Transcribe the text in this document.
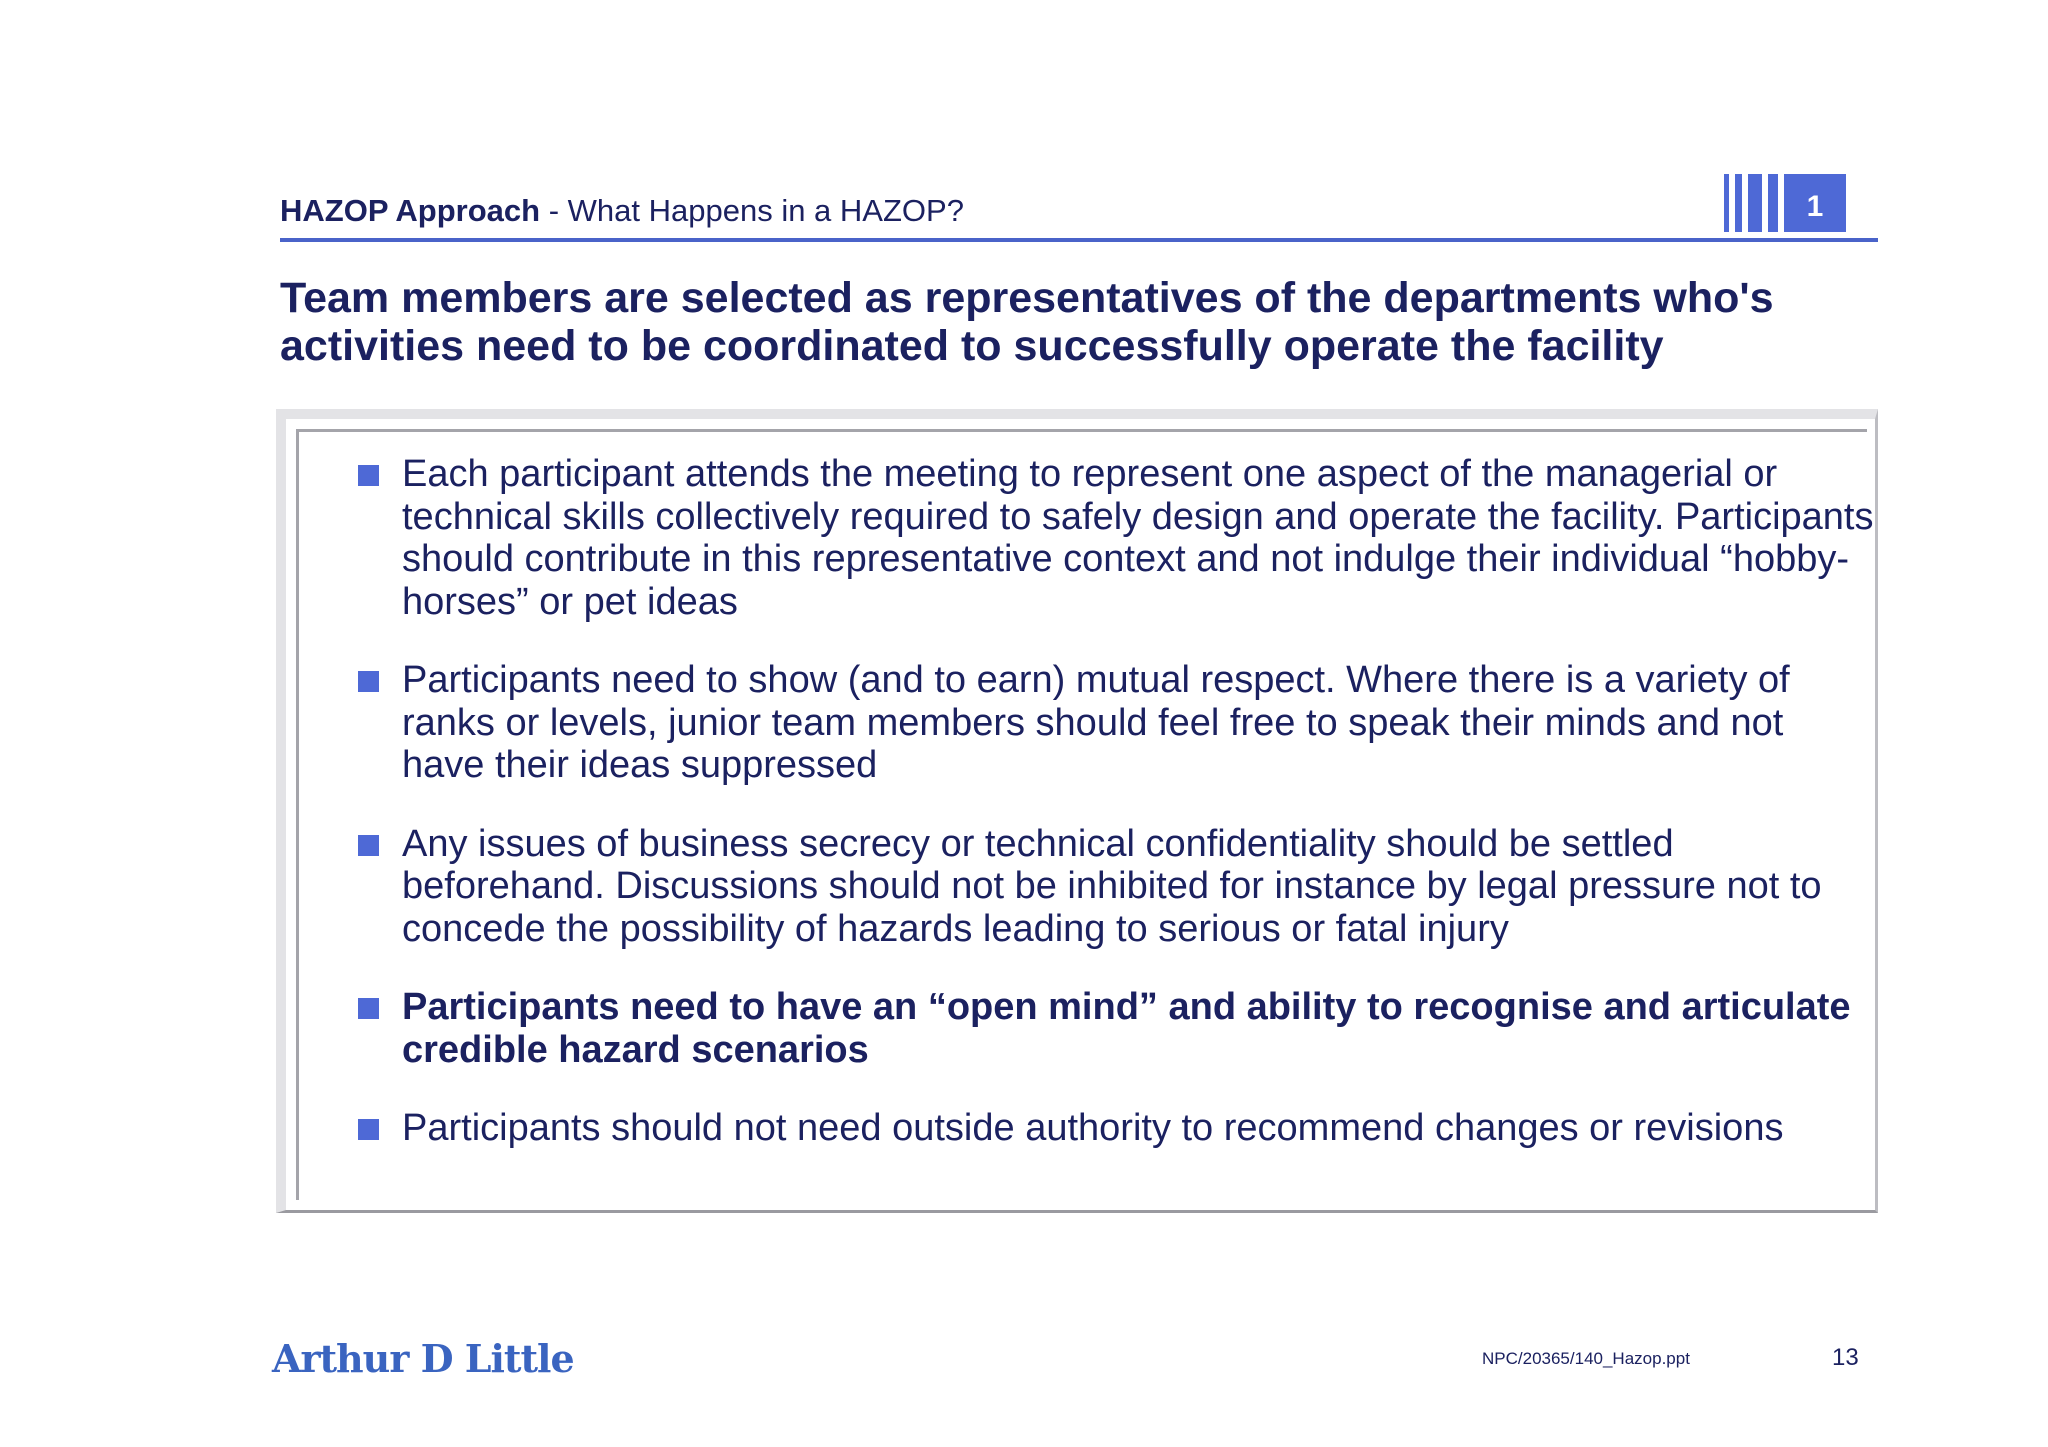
HAZOP Approach - What Happens in a HAZOP?	1
Team members are selected as representatives of the departments who's activities need to be coordinated to successfully operate the facility
Each participant attends the meeting to represent one aspect of the managerial or technical skills collectively required to safely design and operate the facility. Participants should contribute in this representative context and not indulge their individual “hobby-horses” or pet ideas
Participants need to show (and to earn) mutual respect. Where there is a variety of ranks or levels, junior team members should feel free to speak their minds and not have their ideas suppressed
Any issues of business secrecy or technical confidentiality should be settled beforehand. Discussions should not be inhibited for instance by legal pressure not to concede the possibility of hazards leading to serious or fatal injury
Participants need to have an “open mind” and ability to recognise and articulate credible hazard scenarios
Participants should not need outside authority to recommend changes or revisions
Arthur D Little	NPC/20365/140_Hazop.ppt	13
